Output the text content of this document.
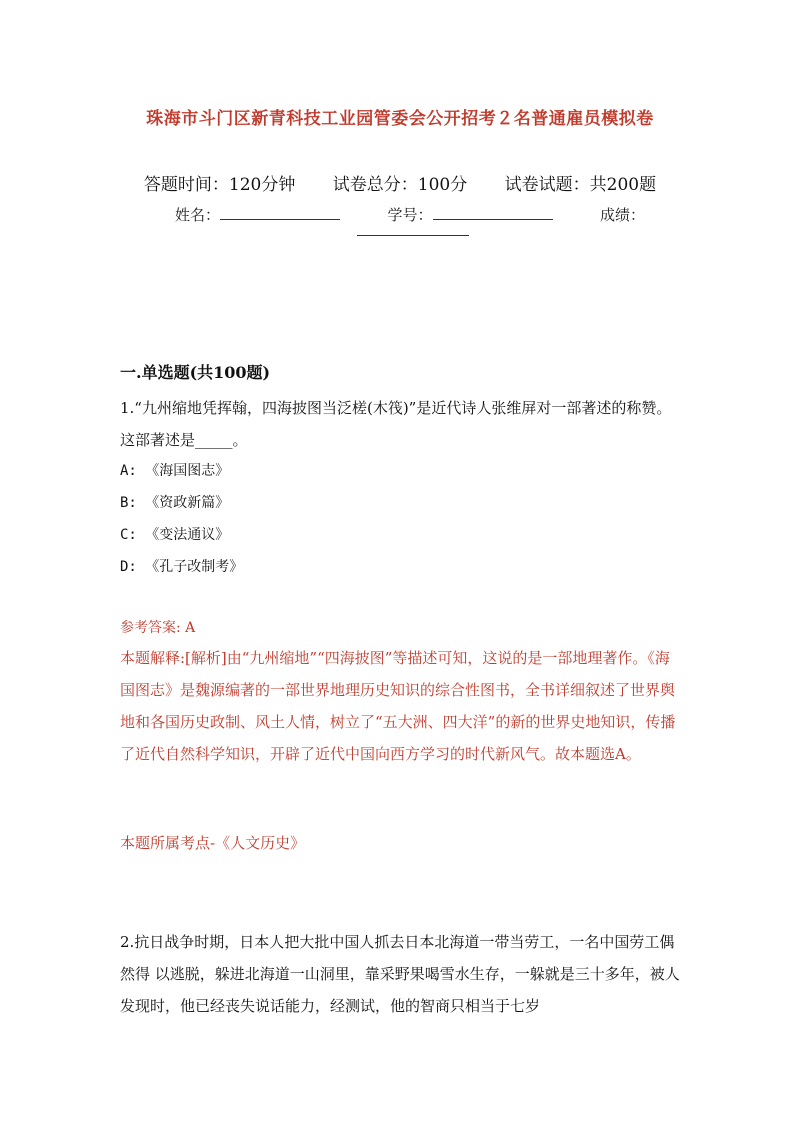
珠海市斗门区新青科技工业园管委会公开招考２名普通雇员模拟卷
答题时间：120分钟 试卷总分：100分 试卷试题：共200题
姓名：	学号：	成绩：
一.单选题(共100题)
1.“九州缩地凭挥翰，四海披图当泛槎(木筏)”是近代诗人张维屏对一部著述的称赞。这部著述是_____。
A: 《海国图志》
B: 《资政新篇》
C: 《变法通议》
D: 《孔子改制考》
参考答案: A
本题解释:[解析]由“九州缩地”“四海披图”等描述可知，这说的是一部地理著作。《海国图志》是魏源编著的一部世界地理历史知识的综合性图书，全书详细叙述了世界舆地和各国历史政制、风土人情，树立了“五大洲、四大洋”的新的世界史地知识，传播了近代自然科学知识，开辟了近代中国向西方学习的时代新风气。故本题选A。
本题所属考点-《人文历史》
2.抗日战争时期，日本人把大批中国人抓去日本北海道一带当劳工，一名中国劳工偶然得 以逃脱，躲进北海道一山洞里，靠采野果喝雪水生存，一躲就是三十多年，被人发现时，他已经丧失说话能力，经测试，他的智商只相当于七岁
